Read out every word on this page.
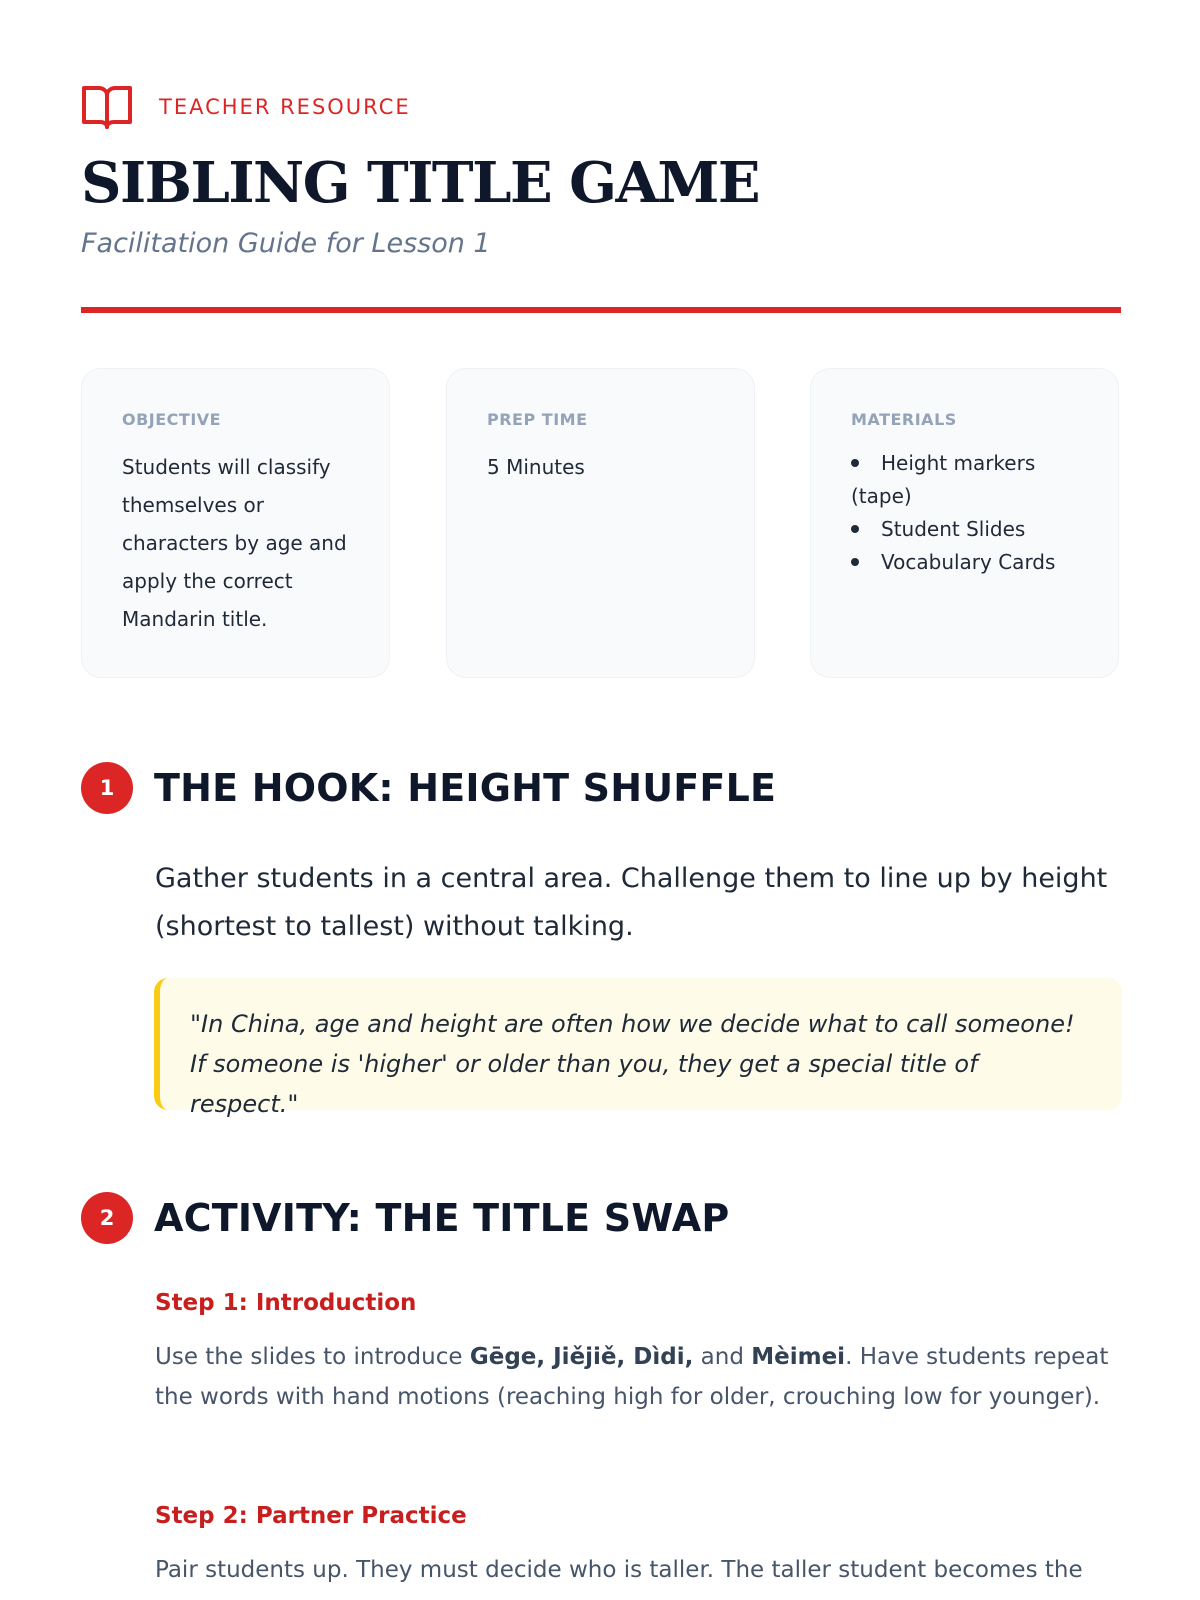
TEACHER RESOURCE
SIBLING TITLE GAME
Facilitation Guide for Lesson 1
OBJECTIVE
Students will classify themselves or characters by age and apply the correct Mandarin title.
PREP TIME
5 Minutes
MATERIALS
Height markers (tape)
Student Slides
Vocabulary Cards
1	THE HOOK: HEIGHT SHUFFLE
Gather students in a central area. Challenge them to line up by height (shortest to tallest) without talking.
"In China, age and height are often how we decide what to call someone! If someone is 'higher' or older than you, they get a special title of respect."
2	ACTIVITY: THE TITLE SWAP
Step 1: Introduction
Use the slides to introduce Gēge, Jiějiě, Dìdi, and Mèimei. Have students repeat the words with hand motions (reaching high for older, crouching low for younger).
Step 2: Partner Practice
Pair students up. They must decide who is taller. The taller student becomes the
